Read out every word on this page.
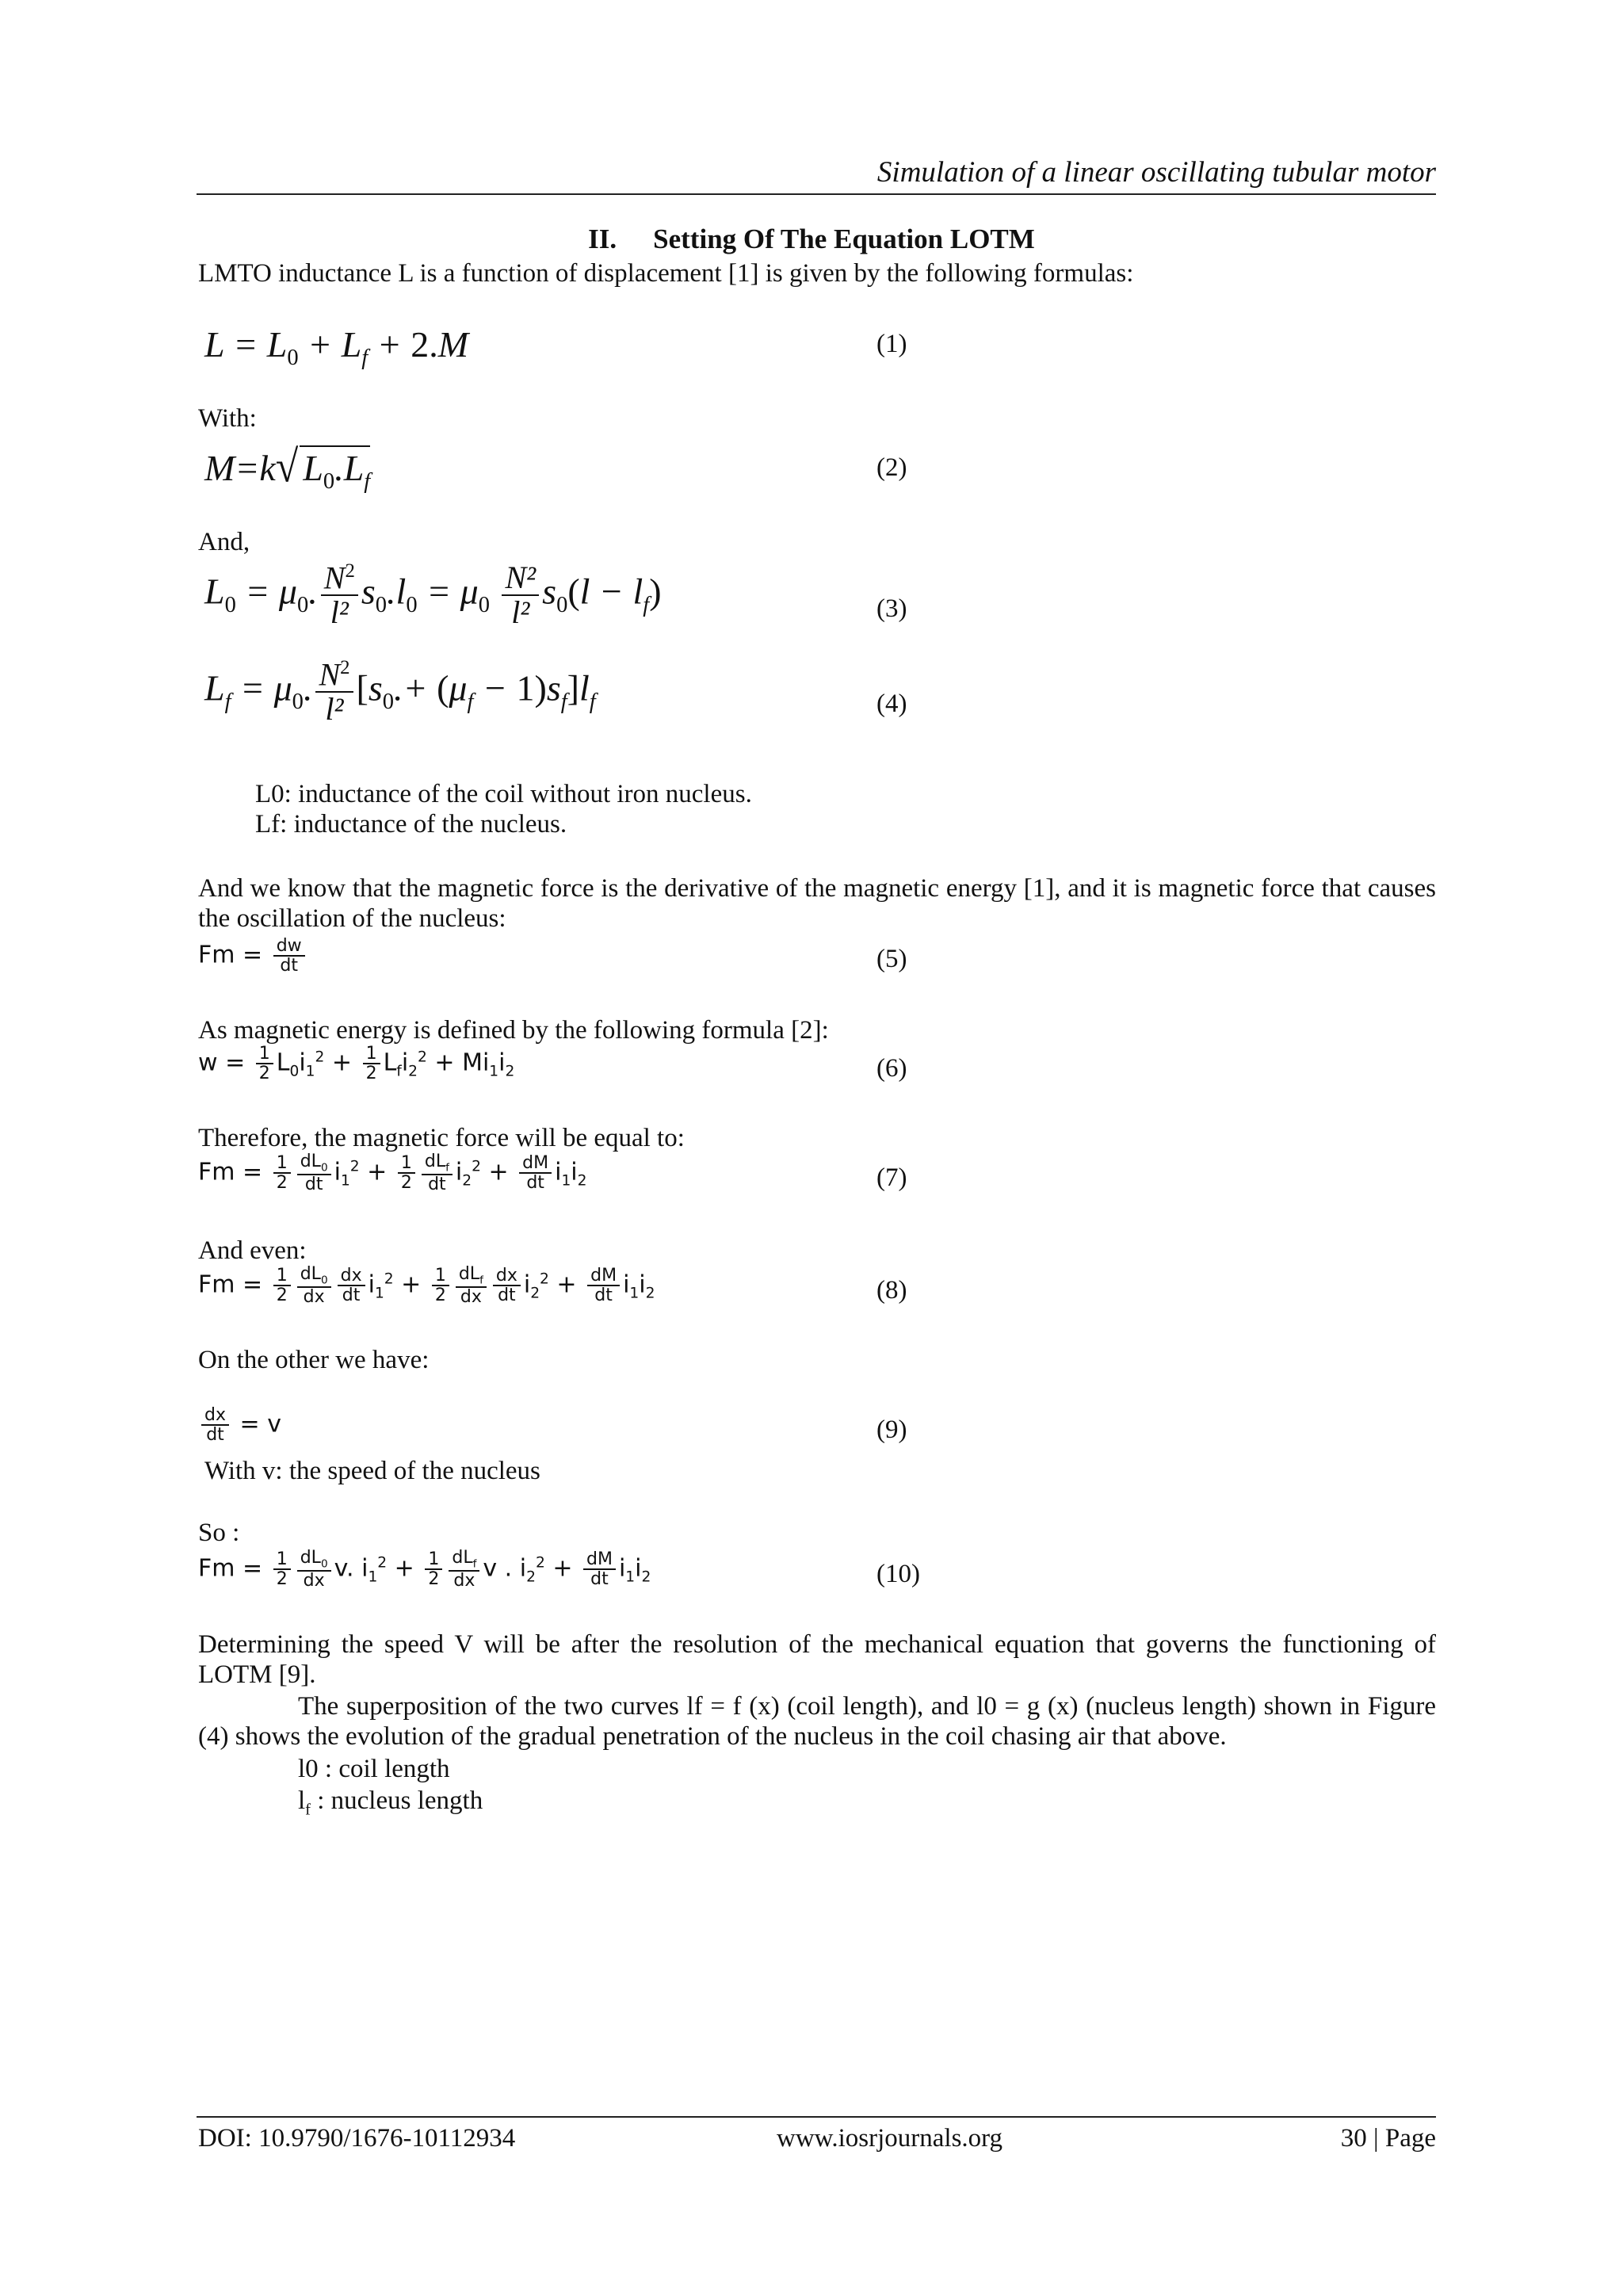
Simulation of a linear oscillating tubular motor
II. Setting Of The Equation LOTM
LMTO inductance L is a function of displacement [1] is given by the following formulas:
$L = L_0 + L_f + 2.M$	(1)
With:
M=k√ $L_0.L_f$	(2)
And,
$L_0 = \mu_0$. $\frac{N^2}{\text{l²}} s_0.l_0 = \mu_0 \frac{\text{N²}}{\text{l²}} s_0(l - l_f)$	(3)
$L_f = \mu_0$. $\frac{N^2}{\text{l²}} [s_0.+ (\mu_f - 1)s_f]l_f$	(4)
L0: inductance of the coil without iron nucleus.
Lf: inductance of the nucleus.
And we know that the magnetic force is the derivative of the magnetic energy [1], and it is magnetic force that causes the oscillation of the nucleus:
$Fm = \frac{dw}{dt}$	(5)
As magnetic energy is defined by the following formula [2]:
$w = \frac{1}{2} L_0i_1^2 + \frac{1}{2} L_fi_2^2 + Mi_1i_2$	(6)
Therefore, the magnetic force will be equal to:
$Fm = \frac{1}{2} \frac{dL_0}{dt} i_1^2 + \frac{1}{2} \frac{dL_f}{dt} i_2^2 + \frac{dM}{dt} i_1i_2$	(7)
And even:
$Fm = \frac{1}{2} \frac{dL_0}{dx} \frac{dx}{dt} i_1^2 + \frac{1}{2} \frac{dL_f}{dx} \frac{dx}{dt} i_2^2 + \frac{dM}{dt} i_1i_2$	(8)
On the other we have:
$\frac{dx}{dt} = v$	(9)
With v: the speed of the nucleus
So :
$Fm = \frac{1}{2} \frac{dL_0}{dx} v$. $i_1^2 + \frac{1}{2} \frac{dL_f}{dx}$ v . $i_2^2 + \frac{dM}{dt} i_1i_2$	(10)
Determining the speed V will be after the resolution of the mechanical equation that governs the functioning of LOTM [9].
The superposition of the two curves lf = f (x) (coil length), and l0 = g (x) (nucleus length) shown in Figure (4) shows the evolution of the gradual penetration of the nucleus in the coil chasing air that above.
l0 : coil length
$l_f$ : nucleus length
DOI: 10.9790/1676-10112934	www.iosrjournals.org	30 | Page
